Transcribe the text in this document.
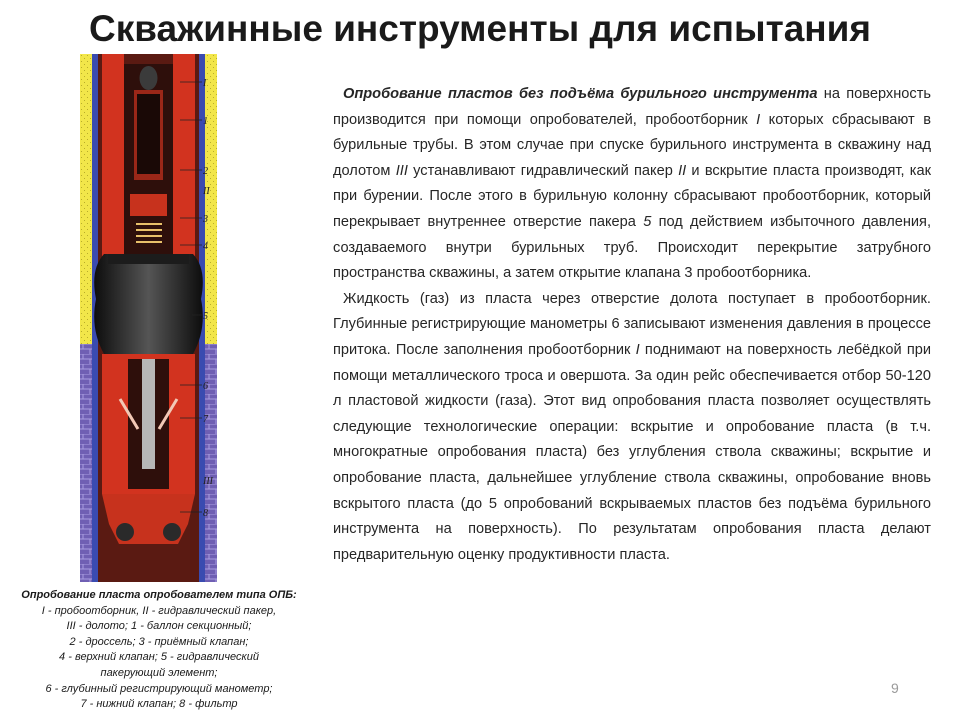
Скважинные инструменты для испытания
I
1
2
II
3
4
5
6
7
III
8
Опробование пласта опробователем типа ОПБ:
I - пробоотборник, II - гидравлический пакер,
III - долото; 1 - баллон секционный;
2 - дроссель; 3 - приёмный клапан;
4 - верхний клапан; 5 - гидравлический
пакерующий элемент;
6 - глубинный регистрирующий манометр;
7 - нижний клапан; 8 - фильтр

Опробование пластов без подъёма бурильного инструмента на поверхность производится при помощи опробователей, пробоотборник I которых сбрасывают в бурильные трубы. В этом случае при спуске бурильного инструмента в скважину над долотом III устанавливают гидравлический пакер II и вскрытие пласта производят, как при бурении. После этого в бурильную колонну сбрасывают пробоотборник, который перекрывает внутреннее отверстие пакера 5 под действием избыточного давления, создаваемого внутри бурильных труб. Происходит перекрытие затрубного пространства скважины, а затем открытие клапана 3 пробоотборника.

Жидкость (газ) из пласта через отверстие долота поступает в пробоотборник. Глубинные регистрирующие манометры 6 записывают изменения давления в процессе притока. После заполнения пробоотборник I поднимают на поверхность лебёдкой при помощи металлического троса и овершота. За один рейс обеспечивается отбор 50-120 л пластовой жидкости (газа). Этот вид опробования пласта позволяет осуществлять следующие технологические операции: вскрытие и опробование пласта (в т.ч. многократные опробования пласта) без углубления ствола скважины; вскрытие и опробование пласта, дальнейшее углубление ствола скважины, опробование вновь вскрытого пласта (до 5 опробований вскрываемых пластов без подъёма бурильного инструмента на поверхность). По результатам опробования пласта делают предварительную оценку продуктивности пласта.

9
